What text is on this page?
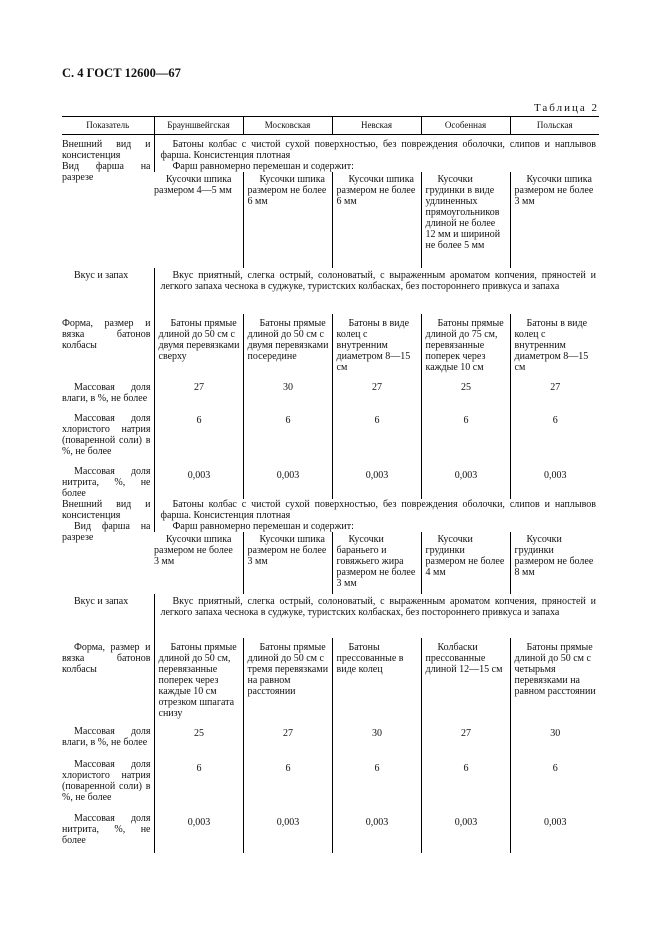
С. 4 ГОСТ 12600—67
Таблица 2
Показатель	Брауншвейгская	Московская	Невская	Особенная	Польская
Внешний вид и консистенция	Батоны колбас с чистой сухой поверхностью, без повреждения оболочки, слипов и наплывов фарша. Консистенция плотная				
Вид фарша на разрезе	Фарш равномерно перемешан и содержит:				
	Кусочки шпика размером 4—5 мм	Кусочки шпика размером не более 6 мм	Кусочки шпика размером не более 6 мм	Кусочки грудинки в виде удлиненных прямоугольников длиной не более 12 мм и шириной не более 5 мм	Кусочки шпика размером не более 3 мм
Вкус и запах	Вкус приятный, слегка острый, солоноватый, с выраженным ароматом копчения, пряностей и легкого запаха чеснока в суджуке, туристских колбасках, без постороннего привкуса и запаха				
Форма, размер и вязка батонов колбасы	Батоны прямые длиной до 50 см с двумя перевязками сверху	Батоны прямые длиной до 50 см с двумя перевязками посередине	Батоны в виде колец с внутренним диаметром 8—15 см	Батоны прямые длиной до 75 см, перевязанные поперек через каждые 10 см	Батоны в виде колец с внутренним диаметром 8—15 см
Массовая доля влаги, в %, не более	27	30	27	25	27
Массовая доля хлористого натрия (поваренной соли) в %, не более	6	6	6	6	6
Массовая доля нитрита, %, не более	0,003	0,003	0,003	0,003	0,003
Внешний вид и консистенция	Батоны колбас с чистой сухой поверхностью, без повреждения оболочки, слипов и наплывов фарша. Консистенция плотная				
Вид фарша на разрезе	Фарш равномерно перемешан и содержит:				
	Кусочки шпика размером не более 3 мм	Кусочки шпика размером не более 3 мм	Кусочки бараньего и говяжьего жира размером не более 3 мм	Кусочки грудинки размером не более 4 мм	Кусочки грудинки размером не более 8 мм
Вкус и запах	Вкус приятный, слегка острый, солоноватый, с выраженным ароматом копчения, пряностей и легкого запаха чеснока в суджуке, туристских колбасках, без постороннего привкуса и запаха				
Форма, размер и вязка батонов колбасы	Батоны прямые длиной до 50 см, перевязанные поперек через каждые 10 см отрезком шпагата снизу	Батоны прямые длиной до 50 см с тремя перевязками на равном расстоянии	Батоны прессованные в виде колец	Колбаски прессованные длиной 12—15 см	Батоны прямые длиной до 50 см с четырьмя перевязками на равном расстоянии
Массовая доля влаги, в %, не более	25	27	30	27	30
Массовая доля хлористого натрия (поваренной соли) в %, не более	6	6	6	6	6
Массовая доля нитрита, %, не более	0,003	0,003	0,003	0,003	0,003
